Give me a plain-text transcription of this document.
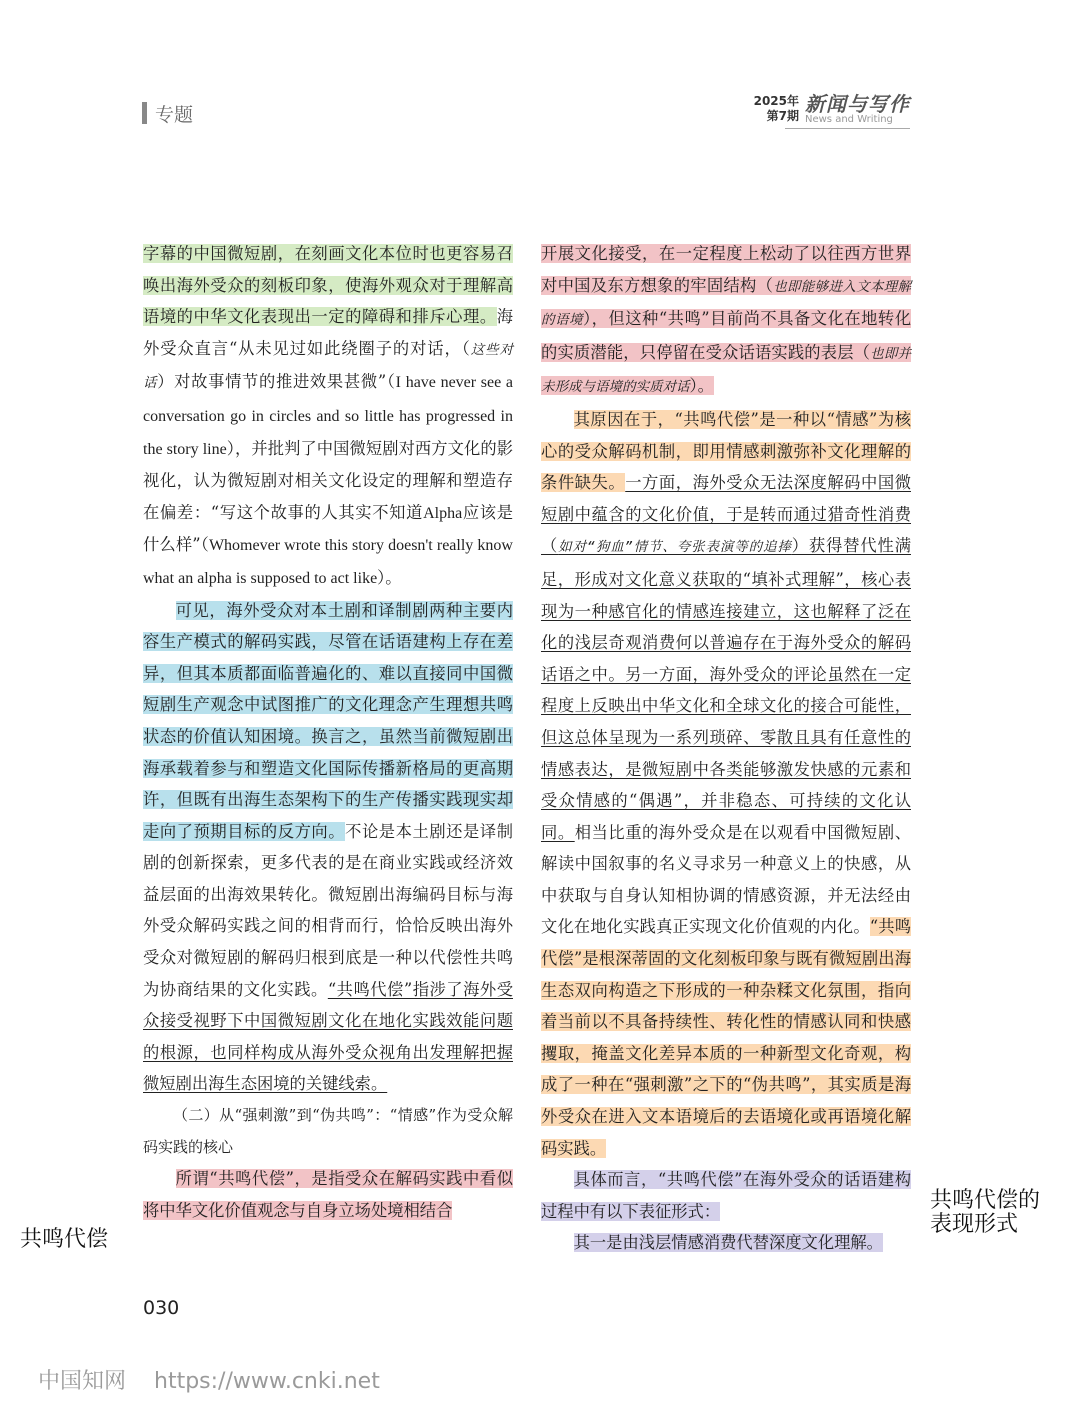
专题
2025年
第7期 新闻与写作
News and Writing

字幕的中国微短剧，在刻画文化本位时也更容易召唤出海外受众的刻板印象，使海外观众对于理解高语境的中华文化表现出一定的障碍和排斥心理。海外受众直言“从未见过如此绕圈子的对话，（这些对话）对故事情节的推进效果甚微”（I have never see a conversation go in circles and so little has progressed in the story line），并批判了中国微短剧对西方文化的影视化，认为微短剧对相关文化设定的理解和塑造存在偏差：“写这个故事的人其实不知道Alpha应该是什么样”（Whomever wrote this story doesn't really know what an alpha is supposed to act like）。

可见，海外受众对本土剧和译制剧两种主要内容生产模式的解码实践，尽管在话语建构上存在差异，但其本质都面临普遍化的、难以直接同中国微短剧生产观念中试图推广的文化理念产生理想共鸣状态的价值认知困境。换言之，虽然当前微短剧出海承载着参与和塑造文化国际传播新格局的更高期许，但既有出海生态架构下的生产传播实践现实却走向了预期目标的反方向。不论是本土剧还是译制剧的创新探索，更多代表的是在商业实践或经济效益层面的出海效果转化。微短剧出海编码目标与海外受众解码实践之间的相背而行，恰恰反映出海外受众对微短剧的解码归根到底是一种以代偿性共鸣为协商结果的文化实践。“共鸣代偿”指涉了海外受众接受视野下中国微短剧文化在地化实践效能问题的根源，也同样构成从海外受众视角出发理解把握微短剧出海生态困境的关键线索。

（二）从“强刺激”到“伪共鸣”：“情感”作为受众解码实践的核心

所谓“共鸣代偿”，是指受众在解码实践中看似将中华文化价值观念与自身立场处境相结合

开展文化接受，在一定程度上松动了以往西方世界对中国及东方想象的牢固结构（也即能够进入文本理解的语境），但这种“共鸣”目前尚不具备文化在地转化的实质潜能，只停留在受众话语实践的表层（也即并未形成与语境的实质对话）。

其原因在于，“共鸣代偿”是一种以“情感”为核心的受众解码机制，即用情感刺激弥补文化理解的条件缺失。一方面，海外受众无法深度解码中国微短剧中蕴含的文化价值，于是转而通过猎奇性消费（如对“狗血”情节、夸张表演等的追捧）获得替代性满足，形成对文化意义获取的“填补式理解”，核心表现为一种感官化的情感连接建立，这也解释了泛在化的浅层奇观消费何以普遍存在于海外受众的解码话语之中。另一方面，海外受众的评论虽然在一定程度上反映出中华文化和全球文化的接合可能性，但这总体呈现为一系列琐碎、零散且具有任意性的情感表达，是微短剧中各类能够激发快感的元素和受众情感的“偶遇”，并非稳态、可持续的文化认同。相当比重的海外受众是在以观看中国微短剧、解读中国叙事的名义寻求另一种意义上的快感，从中获取与自身认知相协调的情感资源，并无法经由文化在地化实践真正实现文化价值观的内化。“共鸣代偿”是根深蒂固的文化刻板印象与既有微短剧出海生态双向构造之下形成的一种杂糅文化氛围，指向着当前以不具备持续性、转化性的情感认同和快感攫取，掩盖文化差异本质的一种新型文化奇观，构成了一种在“强刺激”之下的“伪共鸣”，其实质是海外受众在进入文本语境后的去语境化或再语境化解码实践。

具体而言，“共鸣代偿”在海外受众的话语建构过程中有以下表征形式：

其一是由浅层情感消费代替深度文化理解。

030
共鸣代偿
共鸣代偿的
表现形式
中国知网 https://www.cnki.net
